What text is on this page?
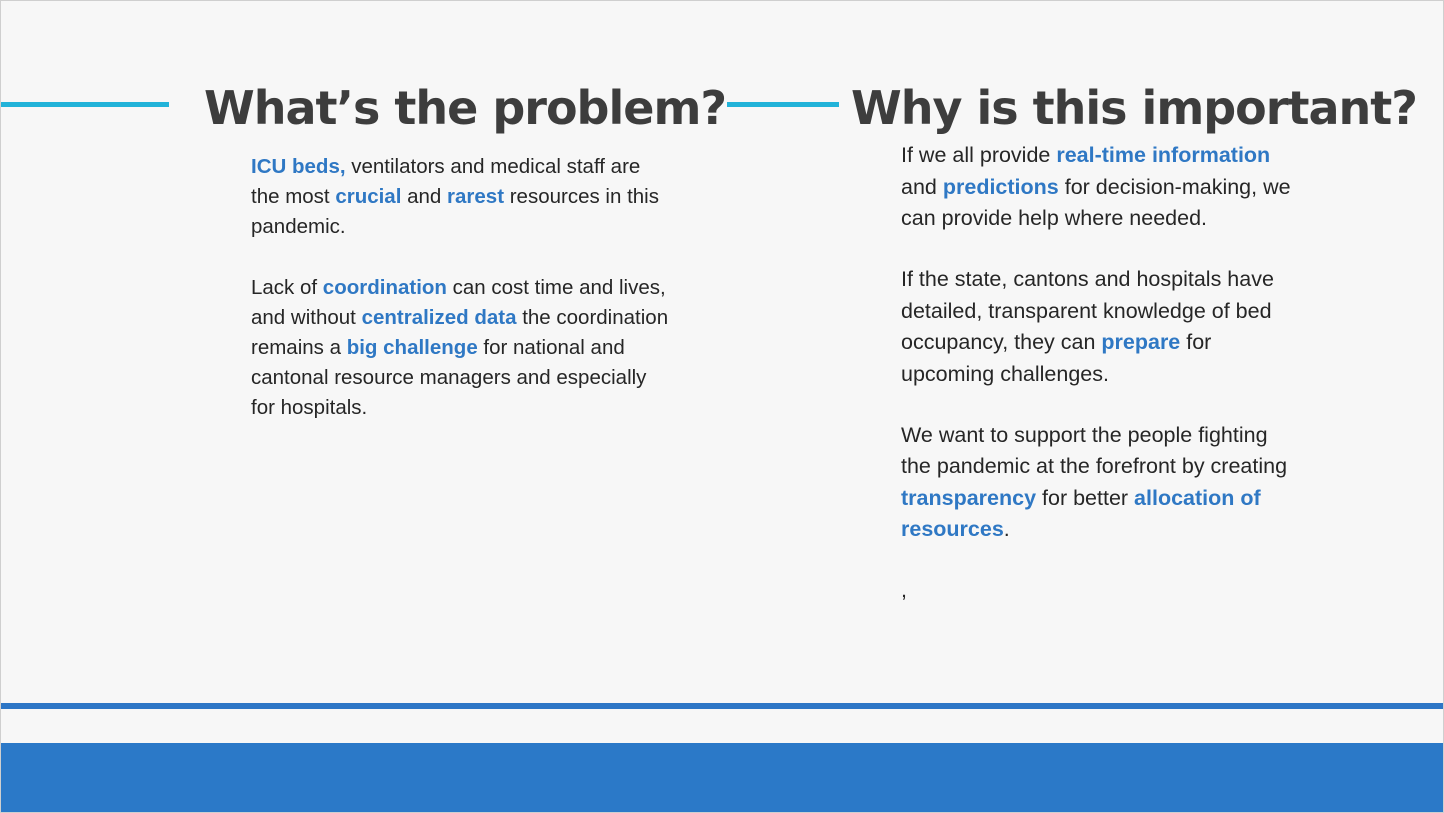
What’s the problem?	Why is this important?

ICU beds, ventilators and medical staff are the most crucial and rarest resources in this pandemic.

Lack of coordination can cost time and lives, and without centralized data the coordination remains a big challenge for national and cantonal resource managers and especially for hospitals.

If we all provide real-time information and predictions for decision-making, we can provide help where needed.

If the state, cantons and hospitals have detailed, transparent knowledge of bed occupancy, they can prepare for upcoming challenges.

We want to support the people fighting the pandemic at the forefront by creating transparency for better allocation of resources.

,
